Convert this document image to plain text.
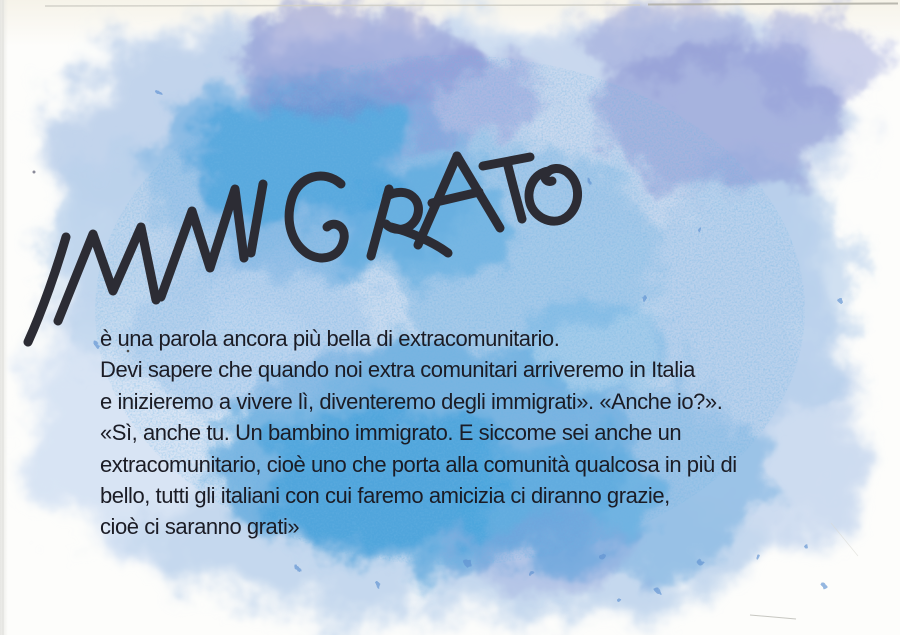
è una parola ancora più bella di extracomunitario.
Devi sapere che quando noi extra comunitari arriveremo in Italia
e inizieremo a vivere lì, diventeremo degli immigrati». «Anche io?».
«Sì, anche tu. Un bambino immigrato. E siccome sei anche un
extracomunitario, cioè uno che porta alla comunità qualcosa in più di
bello, tutti gli italiani con cui faremo amicizia ci diranno grazie,
cioè ci saranno grati»
